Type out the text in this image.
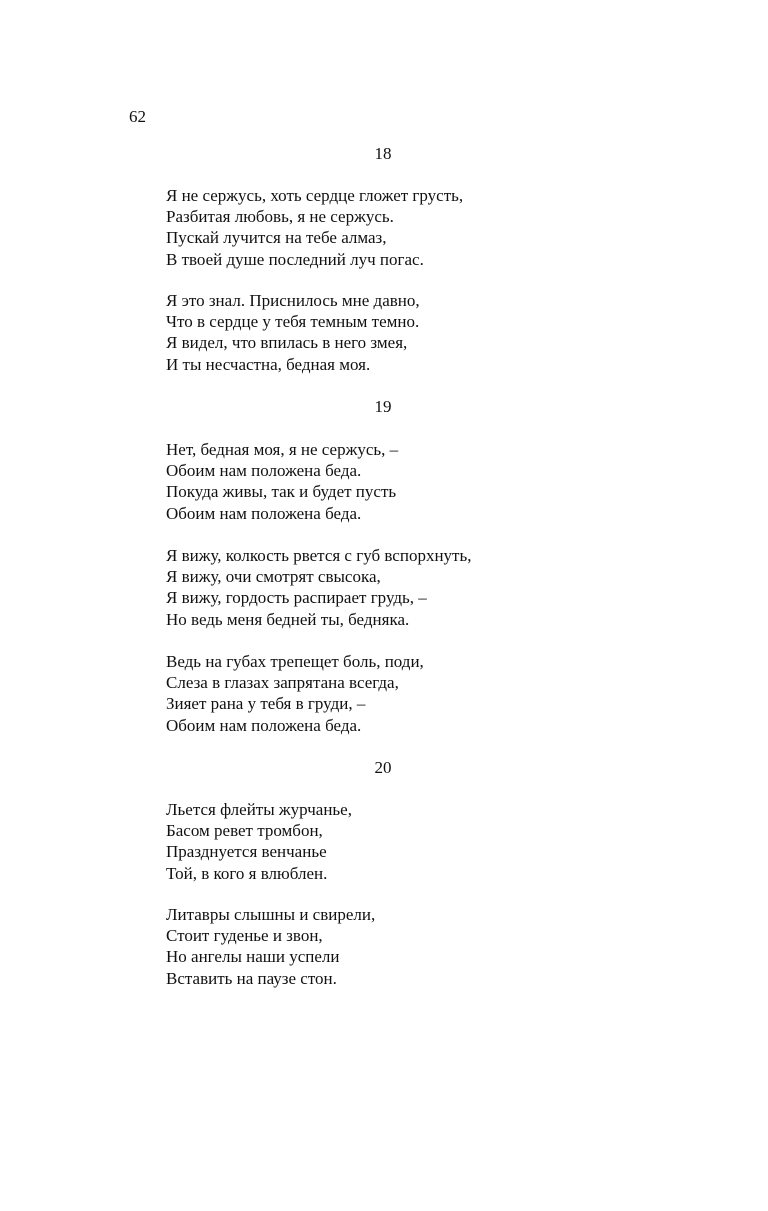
62
18
Я не сержусь, хоть сердце гложет грусть,
Разбитая любовь, я не сержусь.
Пускай лучится на тебе алмаз,
В твоей душе последний луч погас.
Я это знал. Приснилось мне давно,
Что в сердце у тебя темным темно.
Я видел, что впилась в него змея,
И ты несчастна, бедная моя.
19
Нет, бедная моя, я не сержусь, –
Обоим нам положена беда.
Покуда живы, так и будет пусть
Обоим нам положена беда.
Я вижу, колкость рвется с губ вспорхнуть,
Я вижу, очи смотрят свысока,
Я вижу, гордость распирает грудь, –
Но ведь меня бедней ты, бедняка.
Ведь на губах трепещет боль, поди,
Слеза в глазах запрятана всегда,
Зияет рана у тебя в груди, –
Обоим нам положена беда.
20
Льется флейты журчанье,
Басом ревет тромбон,
Празднуется венчанье
Той, в кого я влюблен.
Литавры слышны и свирели,
Стоит гуденье и звон,
Но ангелы наши успели
Вставить на паузе стон.
